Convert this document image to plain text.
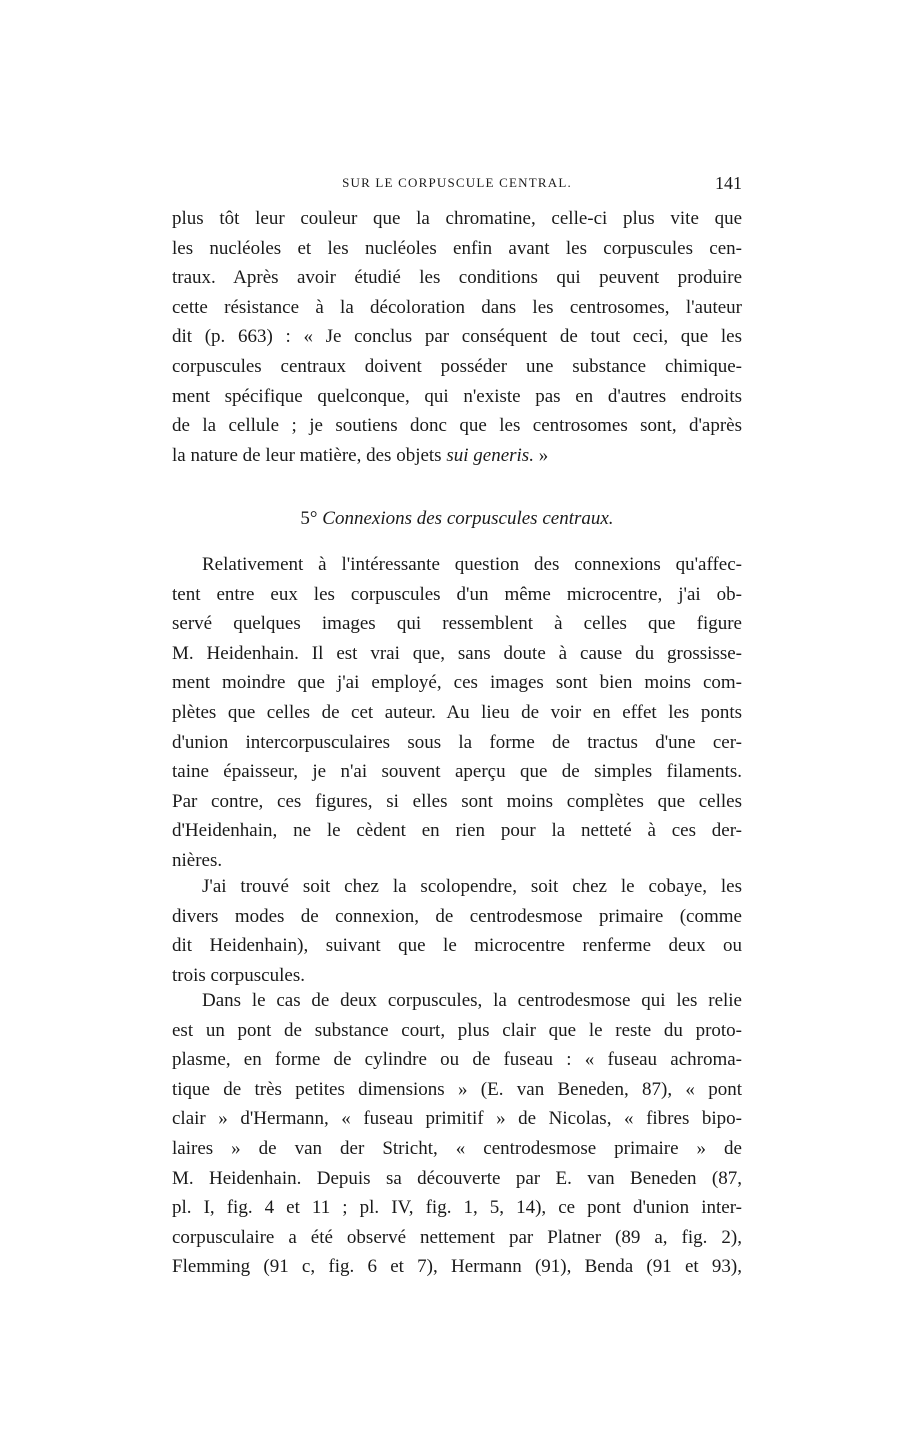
SUR LE CORPUSCULE CENTRAL.	141
plus tôt leur couleur que la chromatine, celle-ci plus vite que
les nucléoles et les nucléoles enfin avant les corpuscules cen-
traux. Après avoir étudié les conditions qui peuvent produire
cette résistance à la décoloration dans les centrosomes, l'auteur
dit (p. 663) : « Je conclus par conséquent de tout ceci, que les
corpuscules centraux doivent posséder une substance chimique-
ment spécifique quelconque, qui n'existe pas en d'autres endroits
de la cellule ; je soutiens donc que les centrosomes sont, d'après
la nature de leur matière, des objets sui generis. »
5° Connexions des corpuscules centraux.
Relativement à l'intéressante question des connexions qu'affec-
tent entre eux les corpuscules d'un même microcentre, j'ai ob-
servé quelques images qui ressemblent à celles que figure
M. Heidenhain. Il est vrai que, sans doute à cause du grossisse-
ment moindre que j'ai employé, ces images sont bien moins com-
plètes que celles de cet auteur. Au lieu de voir en effet les ponts
d'union intercorpusculaires sous la forme de tractus d'une cer-
taine épaisseur, je n'ai souvent aperçu que de simples filaments.
Par contre, ces figures, si elles sont moins complètes que celles
d'Heidenhain, ne le cèdent en rien pour la netteté à ces der-
nières.
J'ai trouvé soit chez la scolopendre, soit chez le cobaye, les
divers modes de connexion, de centrodesmose primaire (comme
dit Heidenhain), suivant que le microcentre renferme deux ou
trois corpuscules.
Dans le cas de deux corpuscules, la centrodesmose qui les relie
est un pont de substance court, plus clair que le reste du proto-
plasme, en forme de cylindre ou de fuseau : « fuseau achroma-
tique de très petites dimensions » (E. van Beneden, 87), « pont
clair » d'Hermann, « fuseau primitif » de Nicolas, « fibres bipo-
laires » de van der Stricht, « centrodesmose primaire » de
M. Heidenhain. Depuis sa découverte par E. van Beneden (87,
pl. I, fig. 4 et 11 ; pl. IV, fig. 1, 5, 14), ce pont d'union inter-
corpusculaire a été observé nettement par Platner (89 a, fig. 2),
Flemming (91 c, fig. 6 et 7), Hermann (91), Benda (91 et 93),
